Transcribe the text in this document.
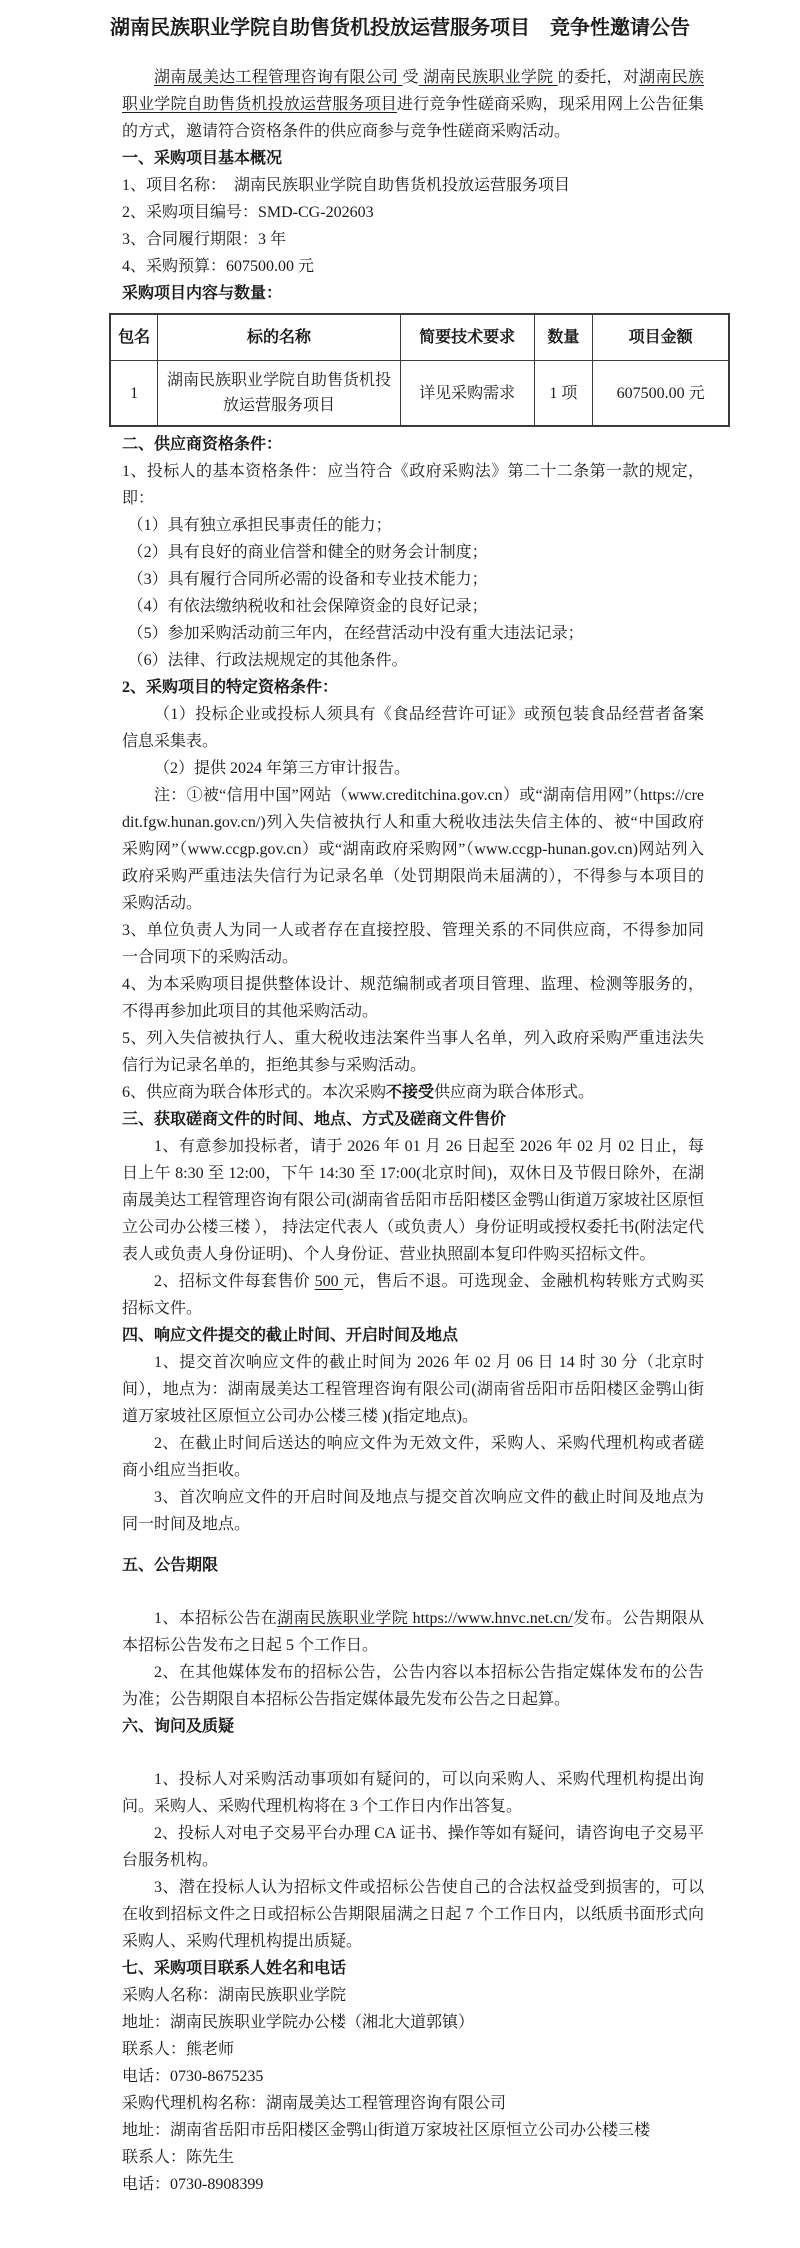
湖南民族职业学院自助售货机投放运营服务项目　竞争性邀请公告

湖南晟美达工程管理咨询有限公司 受 湖南民族职业学院 的委托，对湖南民族职业学院自助售货机投放运营服务项目进行竞争性磋商采购，现采用网上公告征集的方式，邀请符合资格条件的供应商参与竞争性磋商采购活动。

一、采购项目基本概况

1、项目名称：　湖南民族职业学院自助售货机投放运营服务项目

2、采购项目编号：SMD-CG-202603

3、合同履行期限：3 年

4、采购预算：607500.00 元

采购项目内容与数量：

包名	标的名称	简要技术要求	数量	项目金额
1	湖南民族职业学院自助售货机投放运营服务项目	详见采购需求	1 项	607500.00 元

二、供应商资格条件：

1、投标人的基本资格条件：应当符合《政府采购法》第二十二条第一款的规定，即：

（1）具有独立承担民事责任的能力；

（2）具有良好的商业信誉和健全的财务会计制度；

（3）具有履行合同所必需的设备和专业技术能力；

（4）有依法缴纳税收和社会保障资金的良好记录；

（5）参加采购活动前三年内，在经营活动中没有重大违法记录；

（6）法律、行政法规规定的其他条件。

2、采购项目的特定资格条件：

（1）投标企业或投标人须具有《食品经营许可证》或预包装食品经营者备案信息采集表。

（2）提供 2024 年第三方审计报告。

注：①被“信用中国”网站（www.creditchina.gov.cn）或“湖南信用网”（https://credit.fgw.hunan.gov.cn/)列入失信被执行人和重大税收违法失信主体的、被“中国政府采购网”（www.ccgp.gov.cn）或“湖南政府采购网”（www.ccgp-hunan.gov.cn)网站列入政府采购严重违法失信行为记录名单（处罚期限尚未届满的），不得参与本项目的采购活动。

3、单位负责人为同一人或者存在直接控股、管理关系的不同供应商，不得参加同一合同项下的采购活动。

4、为本采购项目提供整体设计、规范编制或者项目管理、监理、检测等服务的，不得再参加此项目的其他采购活动。

5、列入失信被执行人、重大税收违法案件当事人名单，列入政府采购严重违法失信行为记录名单的，拒绝其参与采购活动。

6、供应商为联合体形式的。本次采购不接受供应商为联合体形式。

三、获取磋商文件的时间、地点、方式及磋商文件售价

1、有意参加投标者，请于 2026 年 01 月 26 日起至 2026 年 02 月 02 日止，每日上午 8:30 至 12:00，下午 14:30 至 17:00(北京时间)，双休日及节假日除外，在湖南晟美达工程管理咨询有限公司(湖南省岳阳市岳阳楼区金鹗山街道万家坡社区原恒立公司办公楼三楼 ）， 持法定代表人（或负责人）身份证明或授权委托书(附法定代表人或负责人身份证明)、个人身份证、营业执照副本复印件购买招标文件。

2、招标文件每套售价 500 元，售后不退。可选现金、金融机构转账方式购买招标文件。

四、响应文件提交的截止时间、开启时间及地点

1、提交首次响应文件的截止时间为 2026 年 02 月 06 日 14 时 30 分（北京时间），地点为：湖南晟美达工程管理咨询有限公司(湖南省岳阳市岳阳楼区金鹗山街道万家坡社区原恒立公司办公楼三楼 )(指定地点)。

2、在截止时间后送达的响应文件为无效文件，采购人、采购代理机构或者磋商小组应当拒收。

3、首次响应文件的开启时间及地点与提交首次响应文件的截止时间及地点为同一时间及地点。

五、公告期限

1、本招标公告在湖南民族职业学院 https://www.hnvc.net.cn/发布。公告期限从本招标公告发布之日起 5 个工作日。

2、在其他媒体发布的招标公告，公告内容以本招标公告指定媒体发布的公告为准；公告期限自本招标公告指定媒体最先发布公告之日起算。

六、询问及质疑

1、投标人对采购活动事项如有疑问的，可以向采购人、采购代理机构提出询问。采购人、采购代理机构将在 3 个工作日内作出答复。

2、投标人对电子交易平台办理 CA 证书、操作等如有疑问，请咨询电子交易平台服务机构。

3、潜在投标人认为招标文件或招标公告使自己的合法权益受到损害的，可以在收到招标文件之日或招标公告期限届满之日起 7 个工作日内，以纸质书面形式向采购人、采购代理机构提出质疑。

七、采购项目联系人姓名和电话

采购人名称：湖南民族职业学院

地址：湖南民族职业学院办公楼（湘北大道郭镇）

联系人：熊老师

电话：0730-8675235

采购代理机构名称：湖南晟美达工程管理咨询有限公司

地址：湖南省岳阳市岳阳楼区金鹗山街道万家坡社区原恒立公司办公楼三楼

联系人：陈先生

电话：0730-8908399
